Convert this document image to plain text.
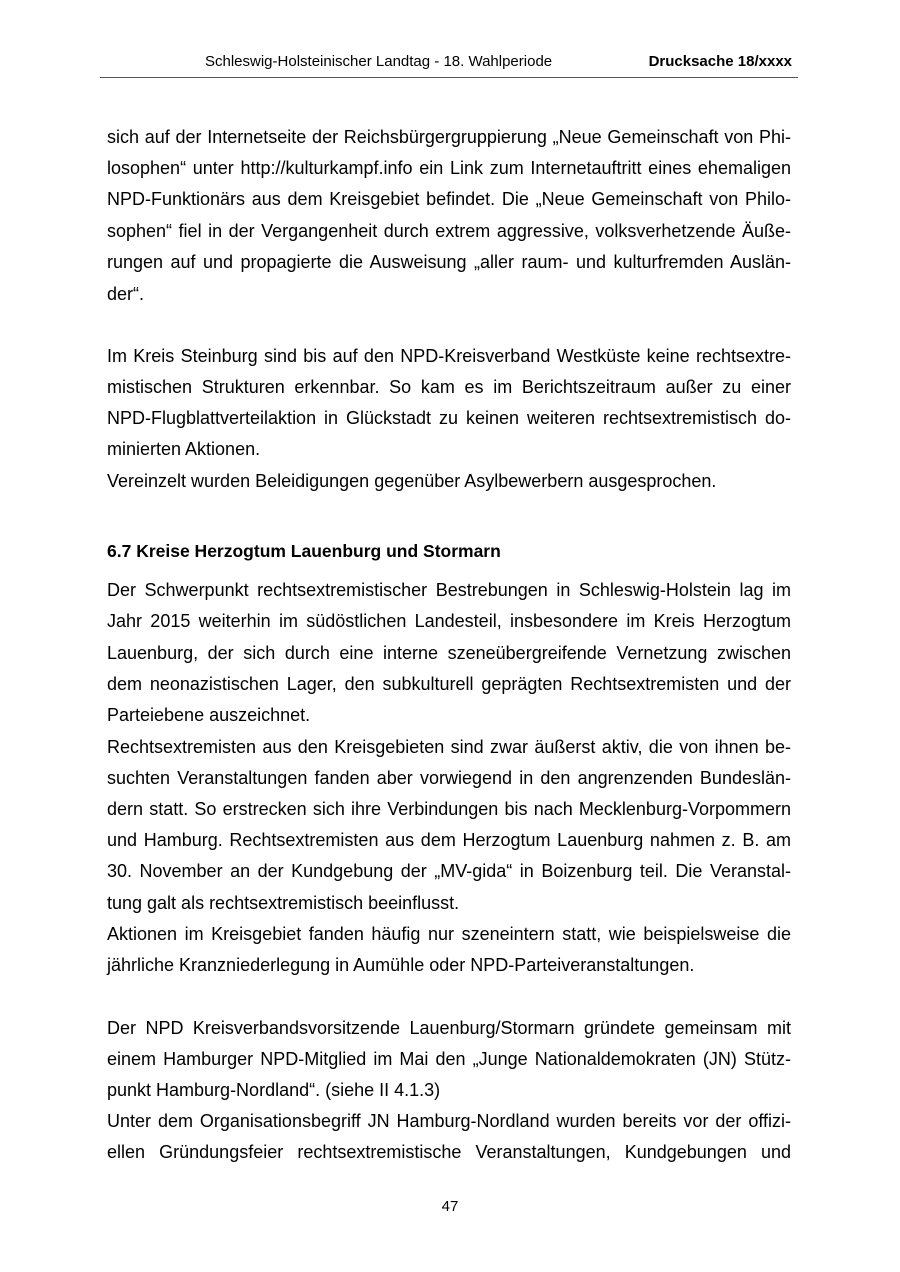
Schleswig-Holsteinischer Landtag - 18. Wahlperiode	Drucksache 18/xxxx
sich auf der Internetseite der Reichsbürgergruppierung „Neue Gemeinschaft von Phi-
losophen“ unter http://kulturkampf.info ein Link zum Internetauftritt eines ehemaligen
NPD-Funktionärs aus dem Kreisgebiet befindet. Die „Neue Gemeinschaft von Philo-
sophen“ fiel in der Vergangenheit durch extrem aggressive, volksverhetzende Äuße-
rungen auf und propagierte die Ausweisung „aller raum- und kulturfremden Auslän-
der“.
Im Kreis Steinburg sind bis auf den NPD-Kreisverband Westküste keine rechtsextre-
mistischen Strukturen erkennbar. So kam es im Berichtszeitraum außer zu einer
NPD-Flugblattverteilaktion in Glückstadt zu keinen weiteren rechtsextremistisch do-
minierten Aktionen.
Vereinzelt wurden Beleidigungen gegenüber Asylbewerbern ausgesprochen.
6.7 Kreise Herzogtum Lauenburg und Stormarn
Der Schwerpunkt rechtsextremistischer Bestrebungen in Schleswig-Holstein lag im
Jahr 2015 weiterhin im südöstlichen Landesteil, insbesondere im Kreis Herzogtum
Lauenburg, der sich durch eine interne szeneübergreifende Vernetzung zwischen
dem neonazistischen Lager, den subkulturell geprägten Rechtsextremisten und der
Parteiebene auszeichnet.
Rechtsextremisten aus den Kreisgebieten sind zwar äußerst aktiv, die von ihnen be-
suchten Veranstaltungen fanden aber vorwiegend in den angrenzenden Bundeslän-
dern statt. So erstrecken sich ihre Verbindungen bis nach Mecklenburg-Vorpommern
und Hamburg. Rechtsextremisten aus dem Herzogtum Lauenburg nahmen z. B. am
30. November an der Kundgebung der „MV-gida“ in Boizenburg teil. Die Veranstal-
tung galt als rechtsextremistisch beeinflusst.
Aktionen im Kreisgebiet fanden häufig nur szeneintern statt, wie beispielsweise die
jährliche Kranzniederlegung in Aumühle oder NPD-Parteiveranstaltungen.
Der NPD Kreisverbandsvorsitzende Lauenburg/Stormarn gründete gemeinsam mit
einem Hamburger NPD-Mitglied im Mai den „Junge Nationaldemokraten (JN) Stütz-
punkt Hamburg-Nordland“. (siehe II 4.1.3)
Unter dem Organisationsbegriff JN Hamburg-Nordland wurden bereits vor der offizi-
ellen Gründungsfeier rechtsextremistische Veranstaltungen, Kundgebungen und
47
